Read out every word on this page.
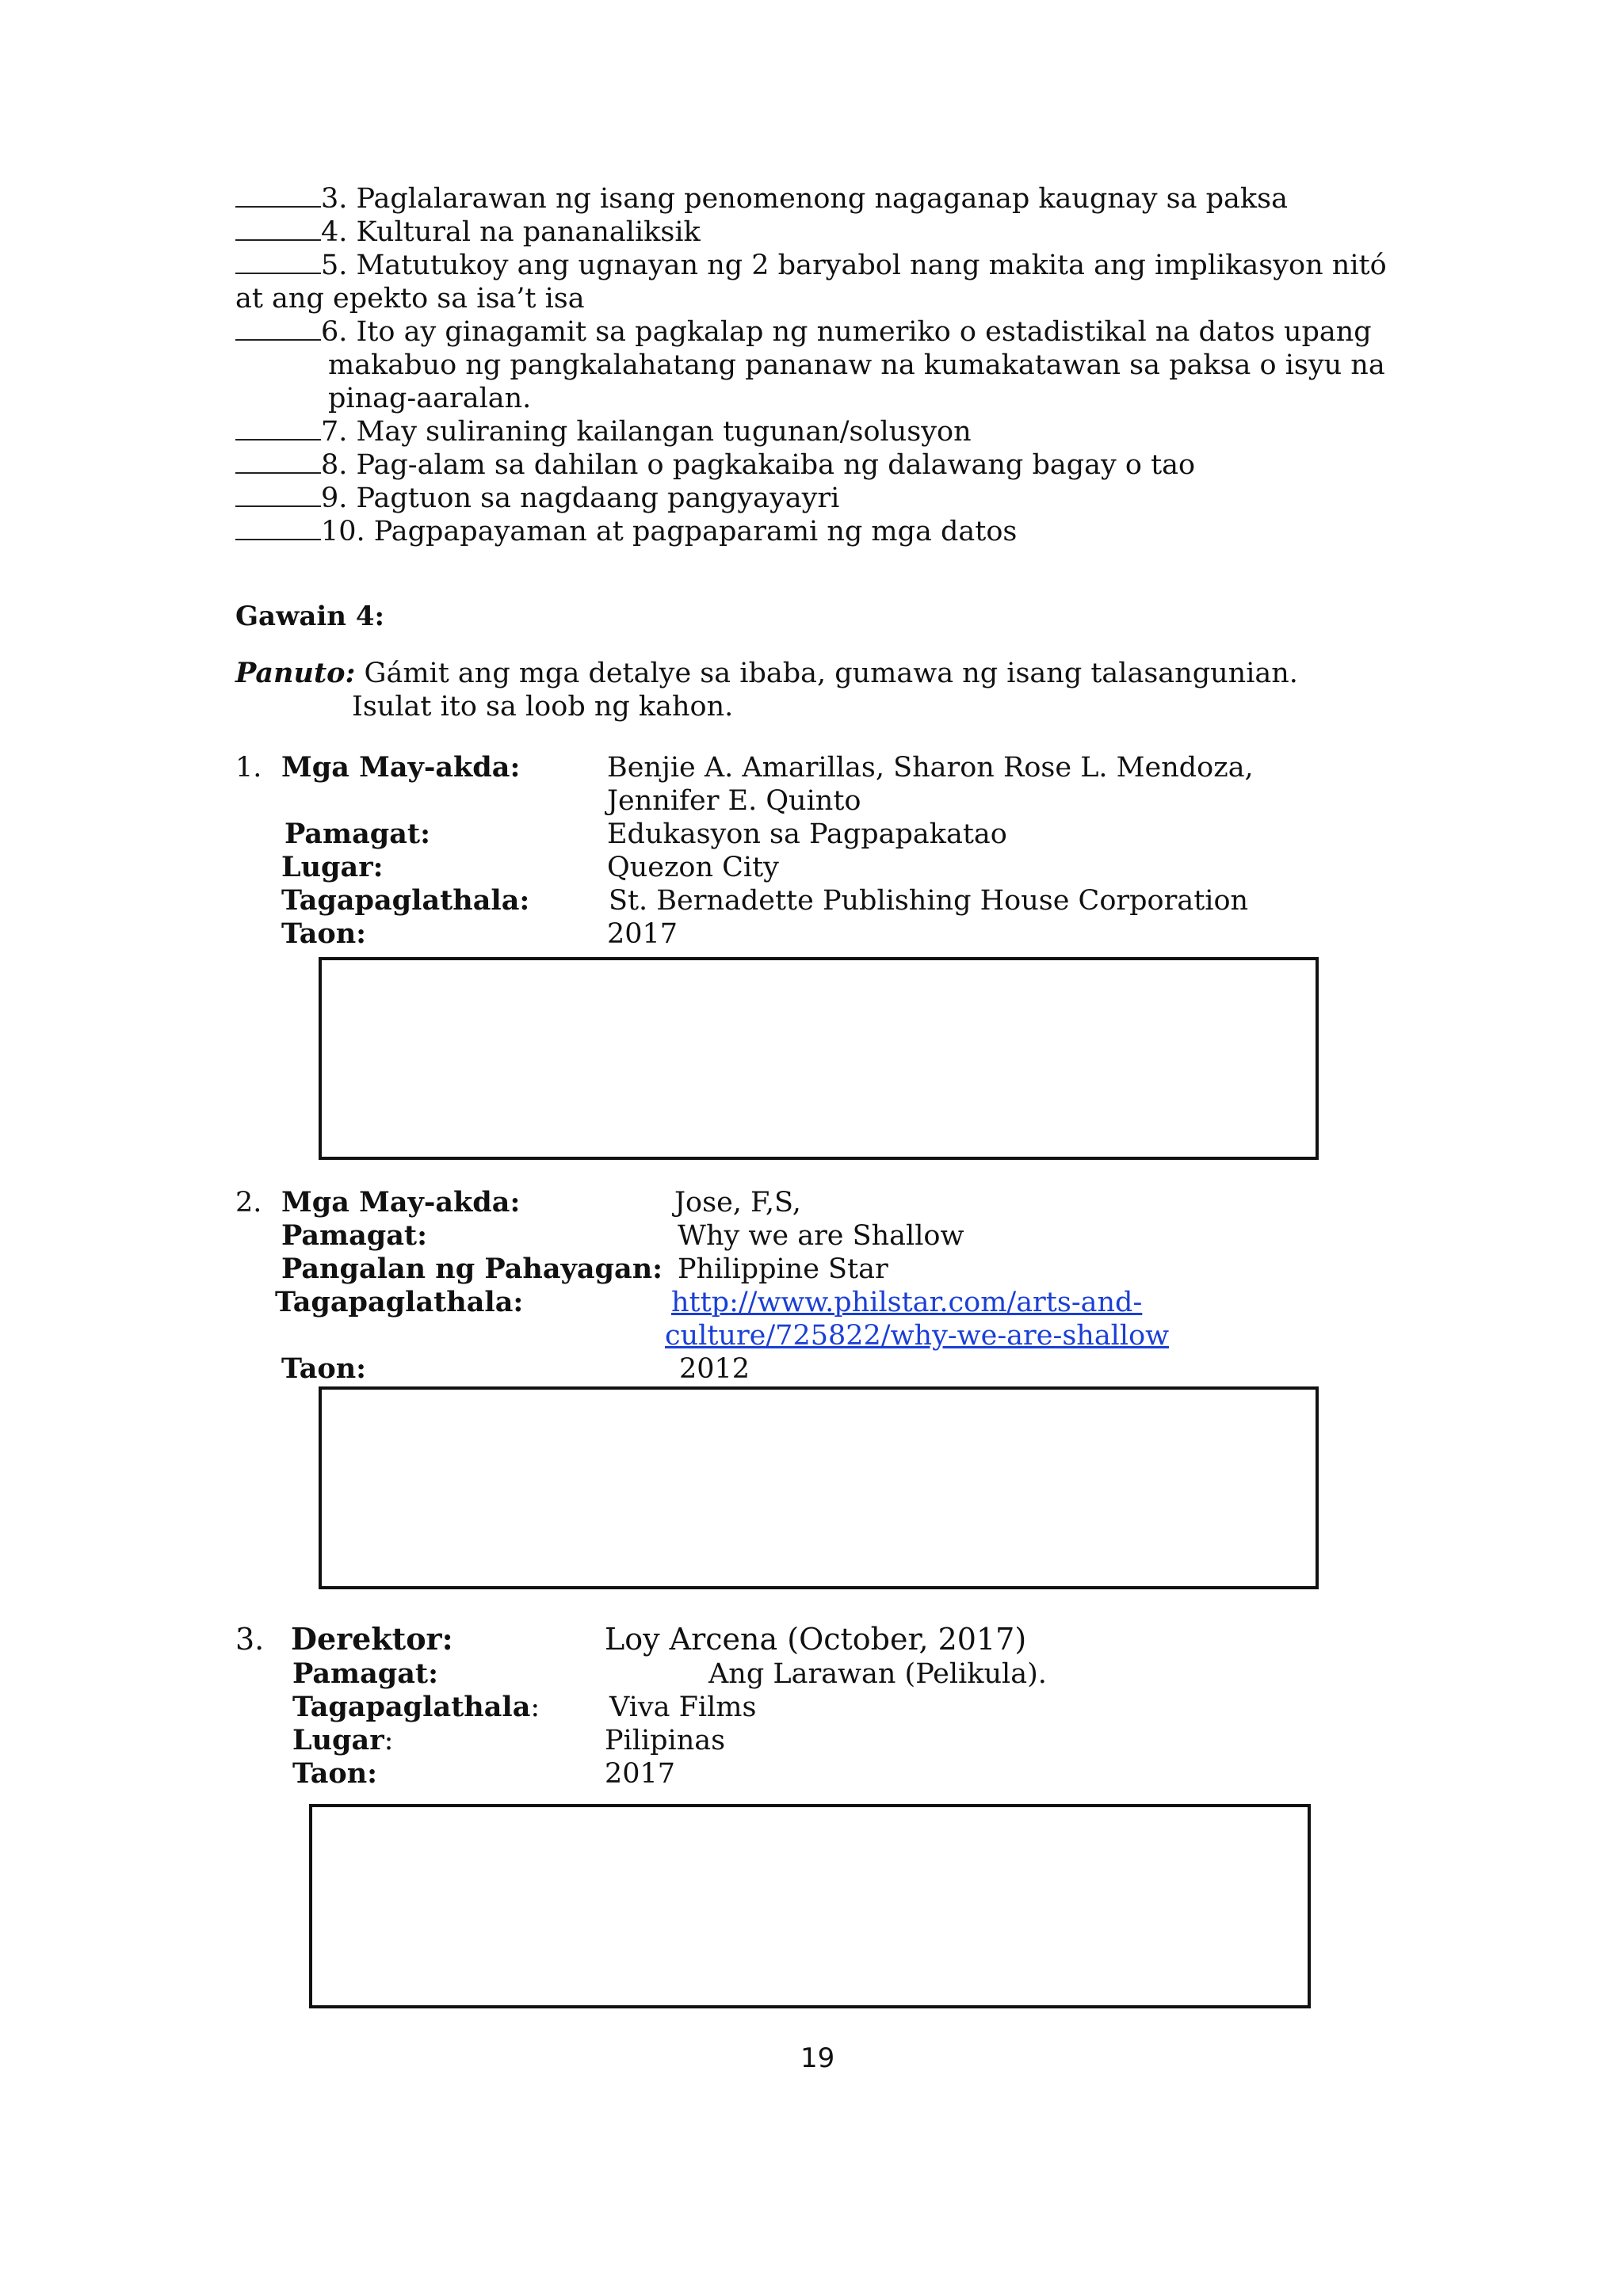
3. Paglalarawan ng isang penomenong nagaganap kaugnay sa paksa
4. Kultural na pananaliksik
5. Matutukoy ang ugnayan ng 2 baryabol nang makita ang implikasyon nitó
at ang epekto sa isa’t isa
6. Ito ay ginagamit sa pagkalap ng numeriko o estadistikal na datos upang
makabuo ng pangkalahatang pananaw na kumakatawan sa paksa o isyu na
pinag-aaralan.
7. May suliraning kailangan tugunan/solusyon
8. Pag-alam sa dahilan o pagkakaiba ng dalawang bagay o tao
9. Pagtuon sa nagdaang pangyayayri
10. Pagpapayaman at pagpaparami ng mga datos
Gawain 4:
Panuto: Gámit ang mga detalye sa ibaba, gumawa ng isang talasangunian.
Isulat ito sa loob ng kahon.
1. Mga May-akda:	Benjie A. Amarillas, Sharon Rose L. Mendoza,
Jennifer E. Quinto
Pamagat:	Edukasyon sa Pagpapakatao
Lugar:	Quezon City
Tagapaglathala:	St. Bernadette Publishing House Corporation
Taon:	2017
2. Mga May-akda:	Jose, F,S,
Pamagat:	Why we are Shallow
Pangalan ng Pahayagan: Philippine Star
Tagapaglathala:	http://www.philstar.com/arts-and-
culture/725822/why-we-are-shallow
Taon:	2012
3. Derektor:	Loy Arcena (October, 2017)
Pamagat:	Ang Larawan (Pelikula).
Tagapaglathala:	Viva Films
Lugar:	Pilipinas
Taon:	2017
19
